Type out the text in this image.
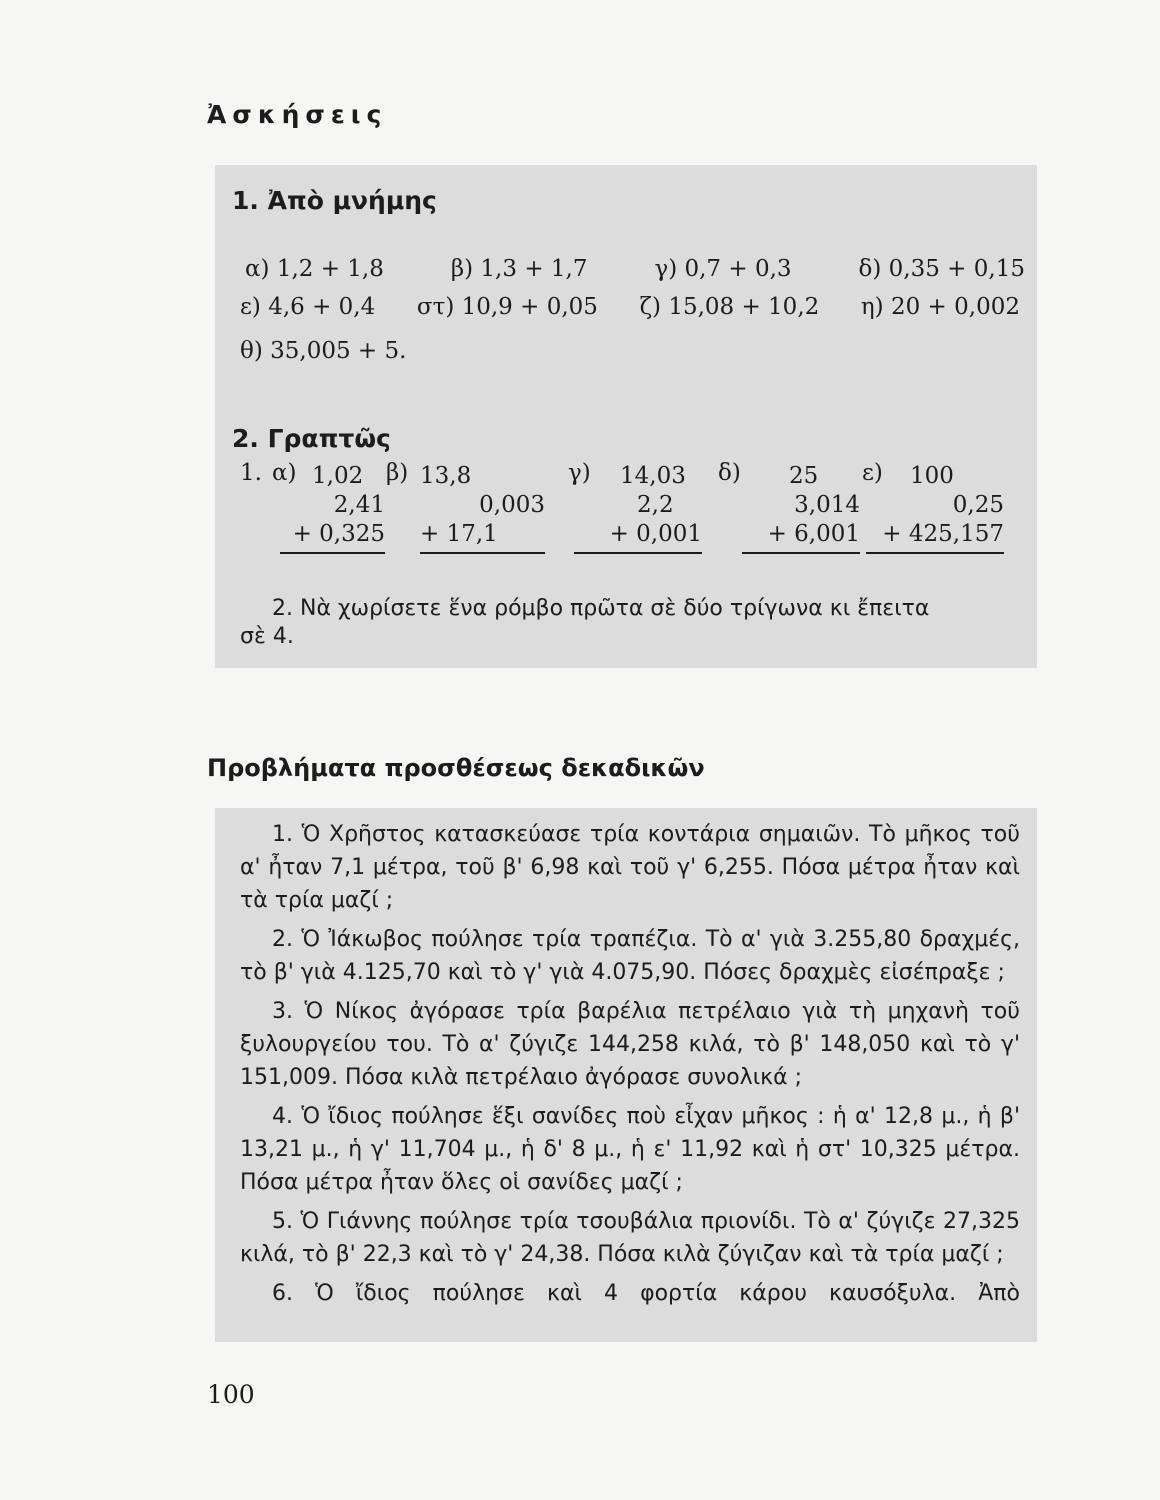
Ἀσκήσεις
1. Ἀπὸ μνήμης
α) 1,2 + 1,8	β) 1,3 + 1,7	γ) 0,7 + 0,3	δ) 0,35 + 0,15
ε) 4,6 + 0,4 στ) 10,9 + 0,05 ζ) 15,08 + 10,2 η) 20 + 0,002
θ) 35,005 + 5.
2. Γραπτῶς
1. α) 1,02
2,41
+ 0,325
β) 13,8
0,003
+ 17,1
γ)	14,03
2,2
+ 0,001
δ)	25
3,014
+ 6,001
ε)	100
0,25
+ 425,157
2. Νὰ χωρίσετε ἕνα ρόμβο πρῶτα σὲ δύο τρίγωνα κι ἔπειτα
σὲ 4.
Προβλήματα προσθέσεως δεκαδικῶν

1. Ὁ Χρῆστος κατασκεύασε τρία κοντάρια σημαιῶν. Τὸ μῆκος τοῦ α' ἦταν 7,1 μέτρα, τοῦ β' 6,98 καὶ τοῦ γ' 6,255. Πόσα μέτρα ἦταν καὶ τὰ τρία μαζί ;

2. Ὁ Ἰάκωβος πούλησε τρία τραπέζια. Τὸ α' γιὰ 3.255,80 δραχμές, τὸ β' γιὰ 4.125,70 καὶ τὸ γ' γιὰ 4.075,90. Πόσες δραχμὲς εἰσέπραξε ;

3. Ὁ Νίκος ἀγόρασε τρία βαρέλια πετρέλαιο γιὰ τὴ μηχανὴ τοῦ ξυλουργείου του. Τὸ α' ζύγιζε 144,258 κιλά, τὸ β' 148,050 καὶ τὸ γ' 151,009. Πόσα κιλὰ πετρέλαιο ἀγόρασε συνολικά ;

4. Ὁ ἴδιος πούλησε ἕξι σανίδες ποὺ εἶχαν μῆκος : ἡ α' 12,8 μ., ἡ β' 13,21 μ., ἡ γ' 11,704 μ., ἡ δ' 8 μ., ἡ ε' 11,92 καὶ ἡ στ' 10,325 μέτρα. Πόσα μέτρα ἦταν ὅλες οἱ σανίδες μαζί ;

5. Ὁ Γιάννης πούλησε τρία τσουβάλια πριονίδι. Τὸ α' ζύγιζε 27,325 κιλά, τὸ β' 22,3 καὶ τὸ γ' 24,38. Πόσα κιλὰ ζύγιζαν καὶ τὰ τρία μαζί ;

6. Ὁ ἴδιος πούλησε καὶ 4 φορτία κάρου καυσόξυλα. Ἀπὸ

100
